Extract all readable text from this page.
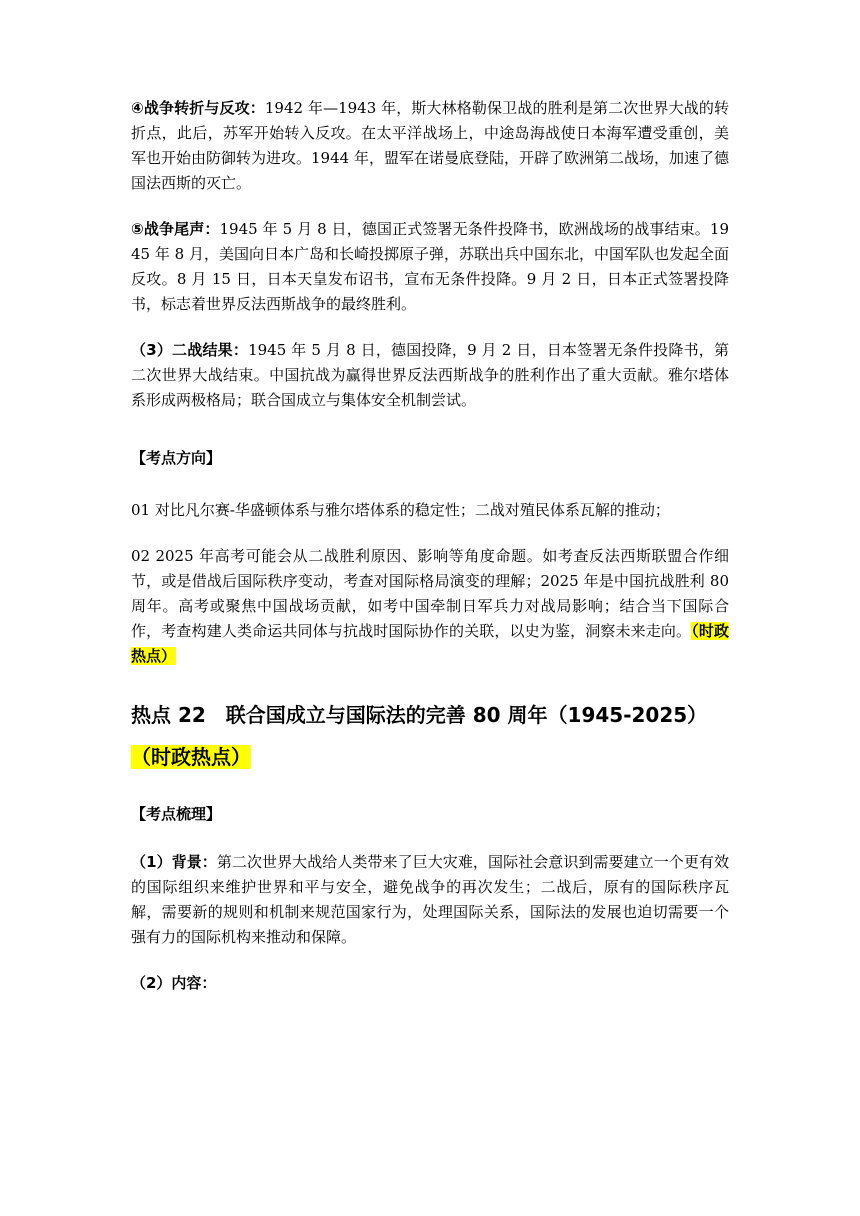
④战争转折与反攻：1942 年—1943 年，斯大林格勒保卫战的胜利是第二次世界大战的转折点，此后，苏军开始转入反攻。在太平洋战场上，中途岛海战使日本海军遭受重创，美军也开始由防御转为进攻。1944 年，盟军在诺曼底登陆，开辟了欧洲第二战场，加速了德国法西斯的灭亡。

⑤战争尾声：1945 年 5 月 8 日，德国正式签署无条件投降书，欧洲战场的战事结束。1945 年 8 月，美国向日本广岛和长崎投掷原子弹，苏联出兵中国东北，中国军队也发起全面反攻。8 月 15 日，日本天皇发布诏书，宣布无条件投降。9 月 2 日，日本正式签署投降书，标志着世界反法西斯战争的最终胜利。

（3）二战结果：1945 年 5 月 8 日，德国投降，9 月 2 日，日本签署无条件投降书，第二次世界大战结束。中国抗战为赢得世界反法西斯战争的胜利作出了重大贡献。雅尔塔体系形成两极格局；联合国成立与集体安全机制尝试。

【考点方向】

01 对比凡尔赛-华盛顿体系与雅尔塔体系的稳定性；二战对殖民体系瓦解的推动；

02 2025 年高考可能会从二战胜利原因、影响等角度命题。如考查反法西斯联盟合作细节，或是借战后国际秩序变动，考查对国际格局演变的理解；2025 年是中国抗战胜利 80 周年。高考或聚焦中国战场贡献，如考中国牵制日军兵力对战局影响；结合当下国际合作，考查构建人类命运共同体与抗战时国际协作的关联，以史为鉴，洞察未来走向。（时政热点）

热点 22　联合国成立与国际法的完善 80 周年（1945-2025）（时政热点）

【考点梳理】

（1）背景：第二次世界大战给人类带来了巨大灾难，国际社会意识到需要建立一个更有效的国际组织来维护世界和平与安全，避免战争的再次发生；二战后，原有的国际秩序瓦解，需要新的规则和机制来规范国家行为，处理国际关系，国际法的发展也迫切需要一个强有力的国际机构来推动和保障。

（2）内容：
